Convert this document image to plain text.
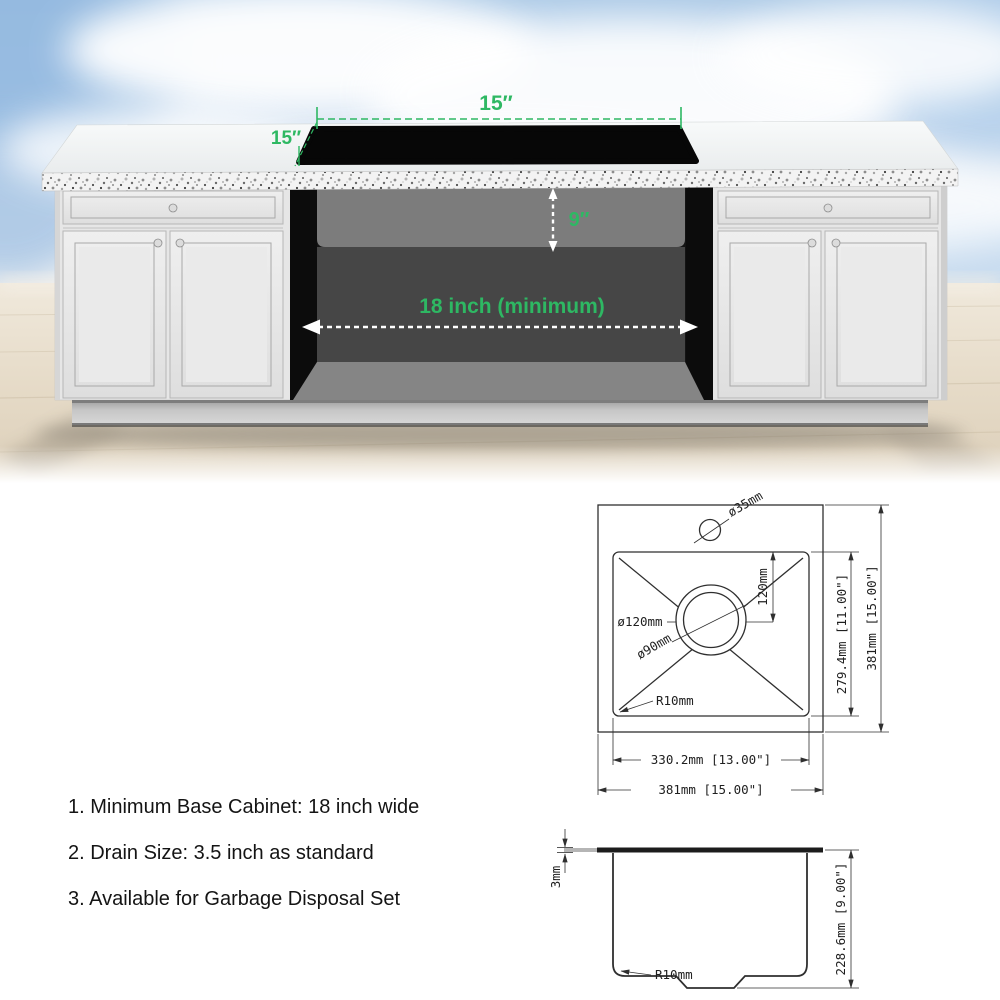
15″
15″
9″
18 inch (minimum)
1. Minimum Base Cabinet: 18 inch wide
2. Drain Size: 3.5 inch as standard
3. Available for Garbage Disposal Set
ø35mm
ø120mm
ø90mm
120mm
R10mm
279.4mm [11.00"] 381mm [15.00"]
330.2mm [13.00"]
381mm [15.00"]
3mm
R10mm	228.6mm [9.00"]
